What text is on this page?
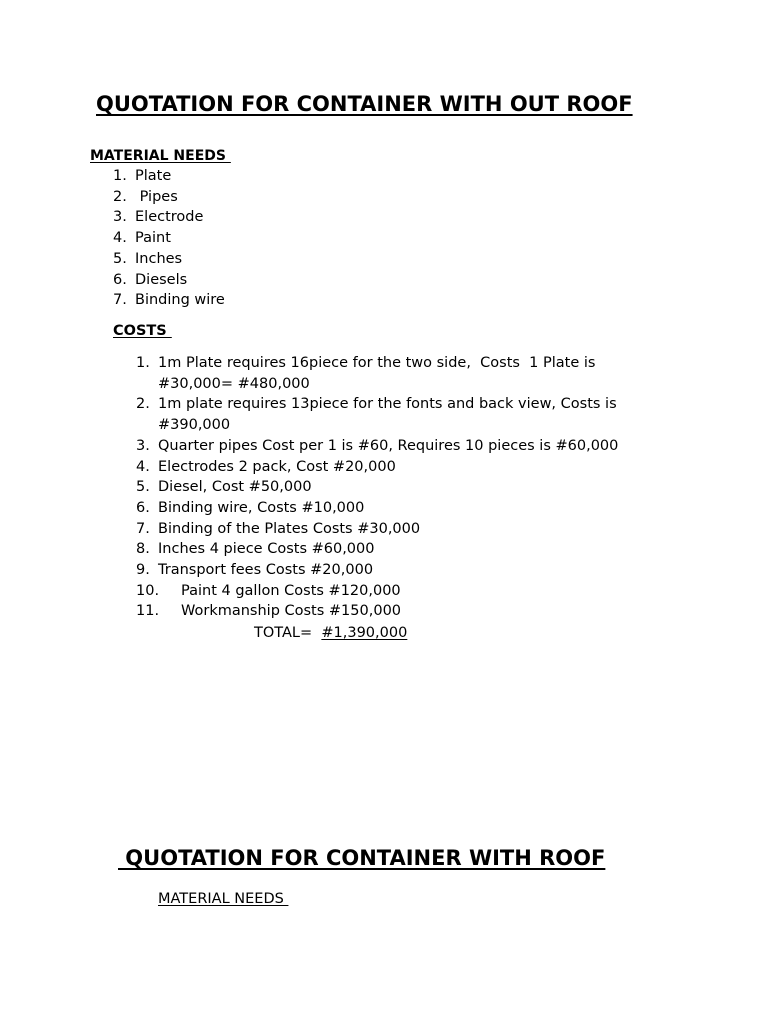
QUOTATION FOR CONTAINER WITH OUT ROOF
MATERIAL NEEDS
1. Plate
2. Pipes
3. Electrode
4. Paint
5. Inches
6. Diesels
7. Binding wire
COSTS
1. 1m Plate requires 16piece for the two side,  Costs  1 Plate is #30,000= #480,000
2. 1m plate requires 13piece for the fonts and back view, Costs is #390,000
3. Quarter pipes Cost per 1 is #60, Requires 10 pieces is #60,000
4. Electrodes 2 pack, Cost #20,000
5. Diesel, Cost #50,000
6. Binding wire, Costs #10,000
7. Binding of the Plates Costs #30,000
8. Inches 4 piece Costs #60,000
9. Transport fees Costs #20,000
10.	Paint 4 gallon Costs #120,000
11.	Workmanship Costs #150,000
TOTAL=  #1,390,000
QUOTATION FOR CONTAINER WITH ROOF
MATERIAL NEEDS
